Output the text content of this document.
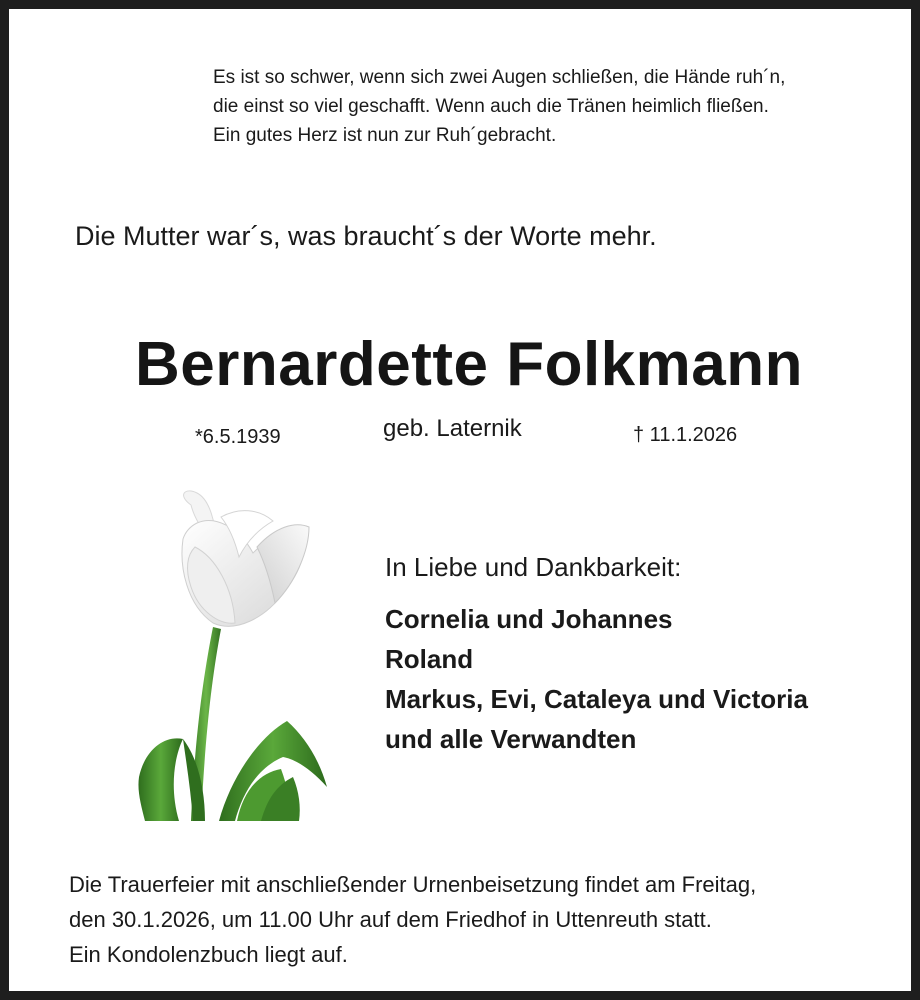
Es ist so schwer, wenn sich zwei Augen schließen, die Hände ruh´n,
die einst so viel geschafft. Wenn auch die Tränen heimlich fließen.
Ein gutes Herz ist nun zur Ruh´gebracht.
Die Mutter war´s, was braucht´s der Worte mehr.
Bernardette Folkmann
*6.5.1939	geb. Laternik	† 11.1.2026
In Liebe und Dankbarkeit:
Cornelia und Johannes
Roland
Markus, Evi, Cataleya und Victoria
und alle Verwandten
Die Trauerfeier mit anschließender Urnenbeisetzung findet am Freitag,
den 30.1.2026, um 11.00 Uhr auf dem Friedhof in Uttenreuth statt.
Ein Kondolenzbuch liegt auf.
